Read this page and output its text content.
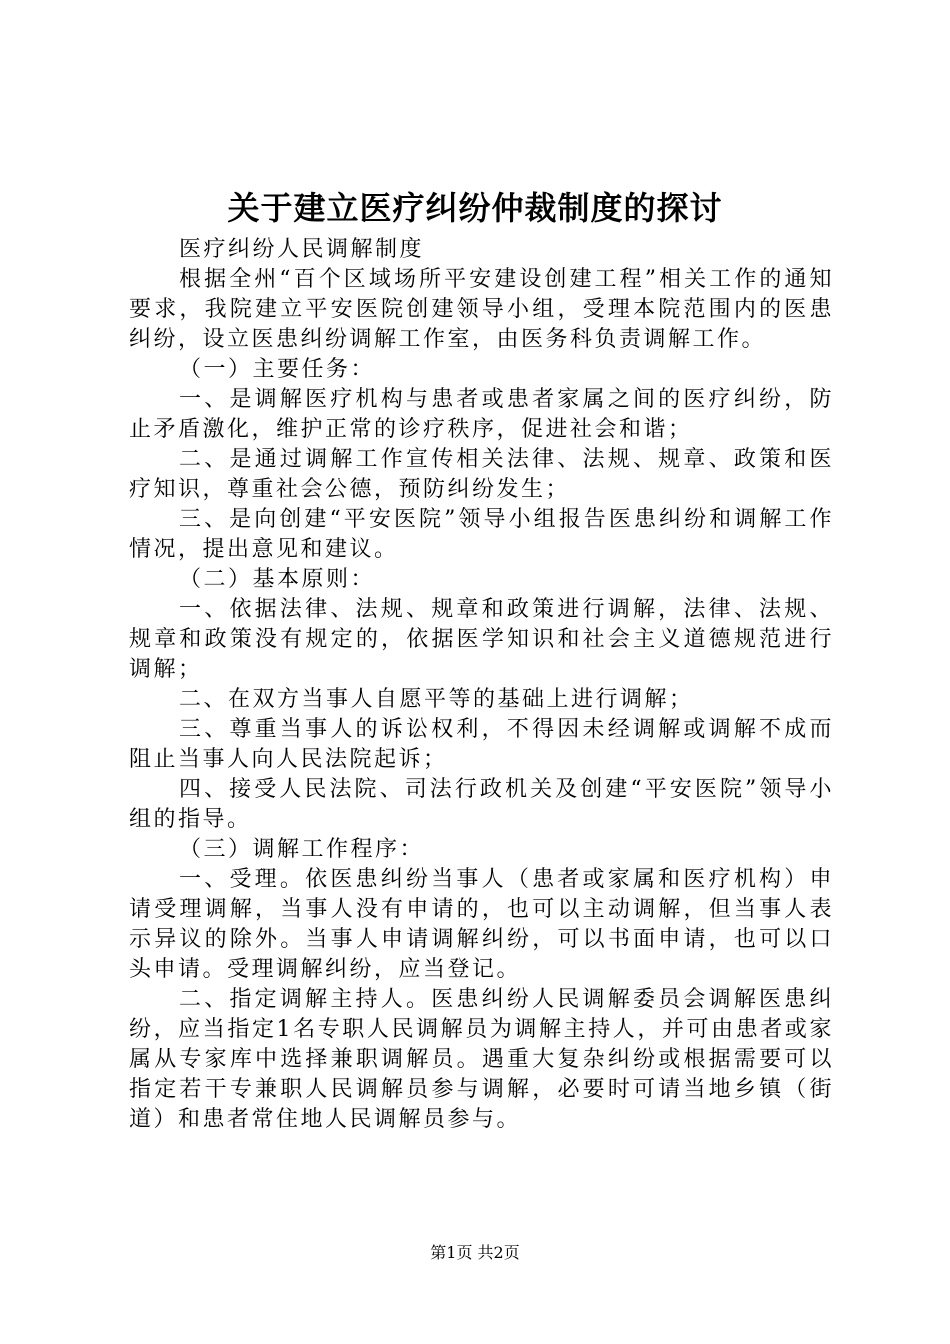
关于建立医疗纠纷仲裁制度的探讨

医疗纠纷人民调解制度

根据全州“百个区域场所平安建设创建工程”相关工作的通知要求，我院建立平安医院创建领导小组，受理本院范围内的医患纠纷，设立医患纠纷调解工作室，由医务科负责调解工作。

（一）主要任务：

一、是调解医疗机构与患者或患者家属之间的医疗纠纷，防止矛盾激化，维护正常的诊疗秩序，促进社会和谐；

二、是通过调解工作宣传相关法律、法规、规章、政策和医疗知识，尊重社会公德，预防纠纷发生；

三、是向创建“平安医院”领导小组报告医患纠纷和调解工作情况，提出意见和建议。

（二）基本原则：

一、依据法律、法规、规章和政策进行调解，法律、法规、规章和政策没有规定的，依据医学知识和社会主义道德规范进行调解；

二、在双方当事人自愿平等的基础上进行调解；

三、尊重当事人的诉讼权利，不得因未经调解或调解不成而阻止当事人向人民法院起诉；

四、接受人民法院、司法行政机关及创建“平安医院”领导小组的指导。

（三）调解工作程序：

一、受理。依医患纠纷当事人（患者或家属和医疗机构）申请受理调解，当事人没有申请的，也可以主动调解，但当事人表示异议的除外。当事人申请调解纠纷，可以书面申请，也可以口头申请。受理调解纠纷，应当登记。

二、指定调解主持人。医患纠纷人民调解委员会调解医患纠纷，应当指定1名专职人民调解员为调解主持人，并可由患者或家属从专家库中选择兼职调解员。遇重大复杂纠纷或根据需要可以指定若干专兼职人民调解员参与调解，必要时可请当地乡镇（街道）和患者常住地人民调解员参与。

第1页 共2页
